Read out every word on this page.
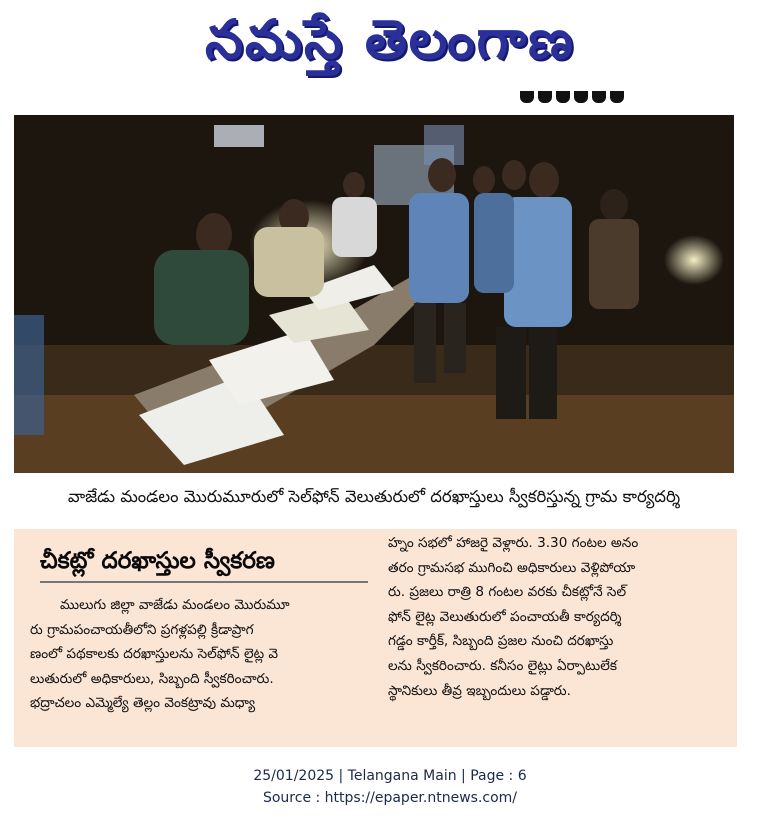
నమస్తే తెలంగాణ
వాజేడు మండలం మొరుమూరులో సెల్‌ఫోన్ వెలుతురులో దరఖాస్తులు స్వీకరిస్తున్న గ్రామ కార్యదర్శి
చీకట్లో దరఖాస్తుల స్వీకరణ
ములుగు జిల్లా వాజేడు మండలం మొరుమూ
రు గ్రామపంచాయతీలోని ప్రగళ్లపల్లి క్రీడాప్రాగ
ణంలో పథకాలకు దరఖాస్తులను సెల్‌ఫోన్ లైట్ల వె
లుతురులో అధికారులు, సిబ్బంది స్వీకరించారు.
భద్రాచలం ఎమ్మెల్యే తెల్లం వెంకట్రావు మధ్యా
హ్నం సభలో హాజరై వెళ్లారు. 3.30 గంటల అనం
తరం గ్రామసభ ముగించి అధికారులు వెళ్లిపోయా
రు. ప్రజలు రాత్రి 8 గంటల వరకు చీకట్లోనే సెల్
ఫోన్ లైట్ల వెలుతురులో పంచాయతీ కార్యదర్శి
గడ్డం కార్తీక్, సిబ్బంది ప్రజల నుంచి దరఖాస్తు
లను స్వీకరించారు. కనీసం లైట్లు ఏర్పాటులేక
స్థానికులు తీవ్ర ఇబ్బందులు పడ్డారు.
25/01/2025 | Telangana Main | Page : 6
Source : https://epaper.ntnews.com/
